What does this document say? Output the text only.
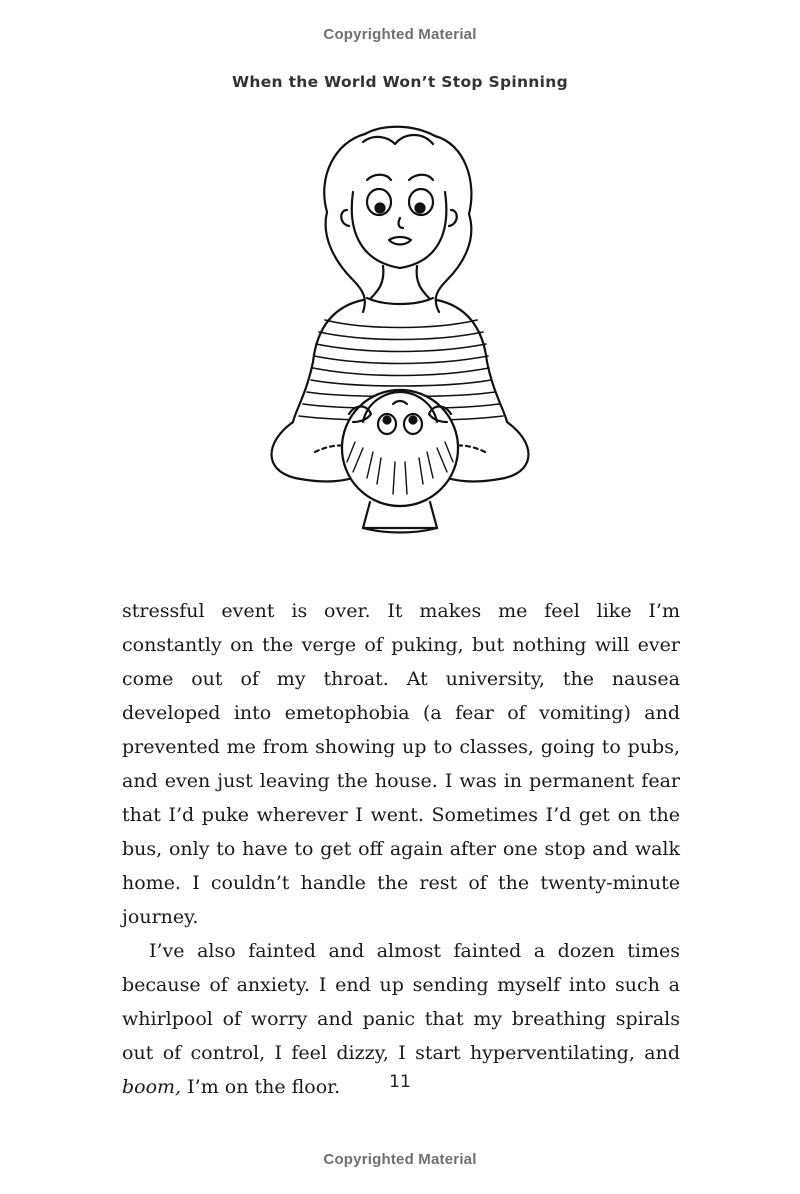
Copyrighted Material
When the World Won’t Stop Spinning

stressful event is over. It makes me feel like I’m constantly on the verge of puking, but nothing will ever come out of my throat. At university, the nausea developed into emetophobia (a fear of vomiting) and prevented me from showing up to classes, going to pubs, and even just leaving the house. I was in permanent fear that I’d puke wherever I went. Sometimes I’d get on the bus, only to have to get off again after one stop and walk home. I couldn’t handle the rest of the twenty-minute journey.

I’ve also fainted and almost fainted a dozen times because of anxiety. I end up sending myself into such a whirlpool of worry and panic that my breathing spirals out of control, I feel dizzy, I start hyperventilating, and boom, I’m on the floor.	11
Copyrighted Material
